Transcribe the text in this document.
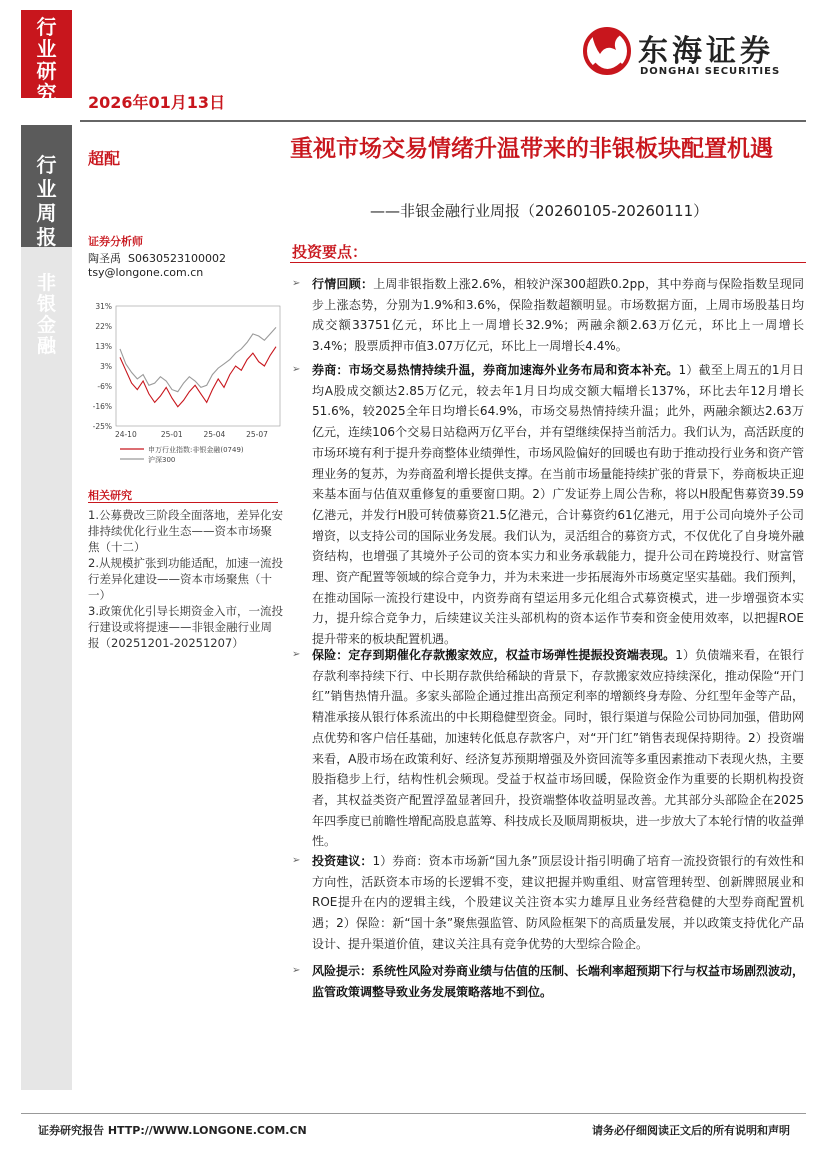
行
业
研
究
行
业
周
报
非
银
金
融
2026年01月13日
东海证券
DONGHAI SECURITIES
超配	重视市场交易情绪升温带来的非银板块配置机遇
——非银金融行业周报（20260105-20260111）
证券分析师
陶圣禹 S0630523100002
tsy@longone.com.cn
31%
22%
13%
3%
-6%
-16%
-25%
24-10	25-01	25-04	25-07
申万行业指数:非银金融(0749)
沪深300
相关研究
1.公募费改三阶段全面落地，差异化安排持续优化行业生态——资本市场聚焦（十二）
2.从规模扩张到功能适配，加速一流投行差异化建设——资本市场聚焦（十一）
3.政策优化引导长期资金入市，一流投行建设或将提速——非银金融行业周报（20251201-20251207）
投资要点：
➢ 行情回顾：上周非银指数上涨2.6%，相较沪深300超跌0.2pp，其中券商与保险指数呈现同步上涨态势，分别为1.9%和3.6%，保险指数超额明显。市场数据方面，上周市场股基日均成交额33751亿元，环比上一周增长32.9%；两融余额2.63万亿元，环比上一周增长3.4%；股票质押市值3.07万亿元，环比上一周增长4.4%。
➢ 券商：市场交易热情持续升温，券商加速海外业务布局和资本补充。1）截至上周五的1月日均A股成交额达2.85万亿元，较去年1月日均成交额大幅增长137%，环比去年12月增长51.6%，较2025全年日均增长64.9%，市场交易热情持续升温；此外，两融余额达2.63万亿元，连续106个交易日站稳两万亿平台，并有望继续保持当前活力。我们认为，高活跃度的市场环境有利于提升券商整体业绩弹性，市场风险偏好的回暖也有助于推动投行业务和资产管理业务的复苏，为券商盈利增长提供支撑。在当前市场量能持续扩张的背景下，券商板块正迎来基本面与估值双重修复的重要窗口期。2）广发证券上周公告称，将以H股配售募资39.59亿港元，并发行H股可转债募资21.5亿港元，合计募资约61亿港元，用于公司向境外子公司增资，以支持公司的国际业务发展。我们认为，灵活组合的募资方式，不仅优化了自身境外融资结构，也增强了其境外子公司的资本实力和业务承载能力，提升公司在跨境投行、财富管理、资产配置等领域的综合竞争力，并为未来进一步拓展海外市场奠定坚实基础。我们预判，在推动国际一流投行建设中，内资券商有望运用多元化组合式募资模式，进一步增强资本实力，提升综合竞争力，后续建议关注头部机构的资本运作节奏和资金使用效率，以把握ROE提升带来的板块配置机遇。
➢ 保险：定存到期催化存款搬家效应，权益市场弹性提振投资端表现。1）负债端来看，在银行存款利率持续下行、中长期存款供给稀缺的背景下，存款搬家效应持续深化，推动保险“开门红”销售热情升温。多家头部险企通过推出高预定利率的增额终身寿险、分红型年金等产品，精准承接从银行体系流出的中长期稳健型资金。同时，银行渠道与保险公司协同加强，借助网点优势和客户信任基础，加速转化低息存款客户，对“开门红”销售表现保持期待。2）投资端来看，A股市场在政策利好、经济复苏预期增强及外资回流等多重因素推动下表现火热，主要股指稳步上行，结构性机会频现。受益于权益市场回暖，保险资金作为重要的长期机构投资者，其权益类资产配置浮盈显著回升，投资端整体收益明显改善。尤其部分头部险企在2025年四季度已前瞻性增配高股息蓝筹、科技成长及顺周期板块，进一步放大了本轮行情的收益弹性。
➢ 投资建议：1）券商：资本市场新“国九条”顶层设计指引明确了培育一流投资银行的有效性和方向性，活跃资本市场的长逻辑不变，建议把握并购重组、财富管理转型、创新牌照展业和ROE提升在内的逻辑主线，个股建议关注资本实力雄厚且业务经营稳健的大型券商配置机遇；2）保险：新“国十条”聚焦强监管、防风险框架下的高质量发展，并以政策支持优化产品设计、提升渠道价值，建议关注具有竞争优势的大型综合险企。
➢ 风险提示：系统性风险对券商业绩与估值的压制、长端利率超预期下行与权益市场剧烈波动，监管政策调整导致业务发展策略落地不到位。
证券研究报告 HTTP://WWW.LONGONE.COM.CN	请务必仔细阅读正文后的所有说明和声明
